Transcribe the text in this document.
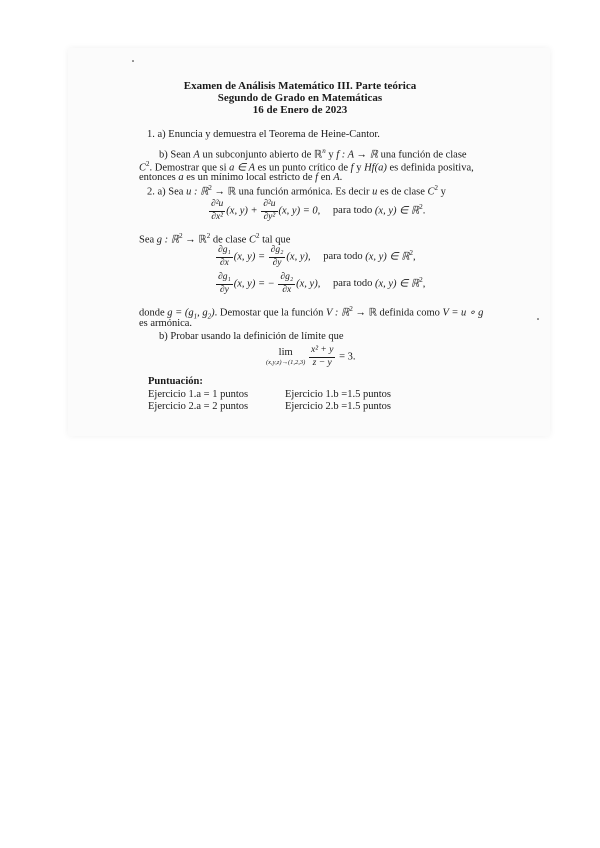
Examen de Análisis Matemático III. Parte teórica
Segundo de Grado en Matemáticas
16 de Enero de 2023
1. a) Enuncia y demuestra el Teorema de Heine-Cantor.
b) Sean A un subconjunto abierto de ℝ$^n$ y f : A → ℝ una función de clase
$C^2$. Demostrar que si a ∈ A es un punto crítico de f y Hf(a) es definida positiva,
entonces a es un mínimo local estricto de f en A.
2. a) Sea u : ℝ$^2$ → ℝ una función armónica. Es decir u es de clase $C^2$ y
$\frac{\text{∂²u}}{\text{∂x²}} (x$, $y) + \frac{\text{∂²u}}{\text{∂y²}} (x$, y) = 0, para todo (x, y) ∈ ℝ$^2$.
Sea g : ℝ$^2$ → ℝ$^2$ de clase $C^2$ tal que
$\frac{\text{∂g₁}}{\partial x} (x$, $y) = \frac{\text{∂g₂}}{\partial y} (x$, y), para todo (x, y) ∈ ℝ$^2$,
$\frac{\text{∂g₁}}{\partial y} (x$, y) = − $\frac{\text{∂g₂}}{\partial x} (x$, y), para todo (x, y) ∈ ℝ$^2$,
donde $g = (g_1$, $g_2$). Demostar que la función V : ℝ$^2$ → ℝ definida como V = u ∘ g
es armónica.
b) Probar usando la definición de límite que
lim
(x,y,z)→(1,2,3)
$\frac{\text{x² + y}}{z - y} = 3$.
Puntuación:
Ejercicio 1.a = 1 puntos	Ejercicio 1.b =1.5 puntos
Ejercicio 2.a = 2 puntos	Ejercicio 2.b =1.5 puntos
